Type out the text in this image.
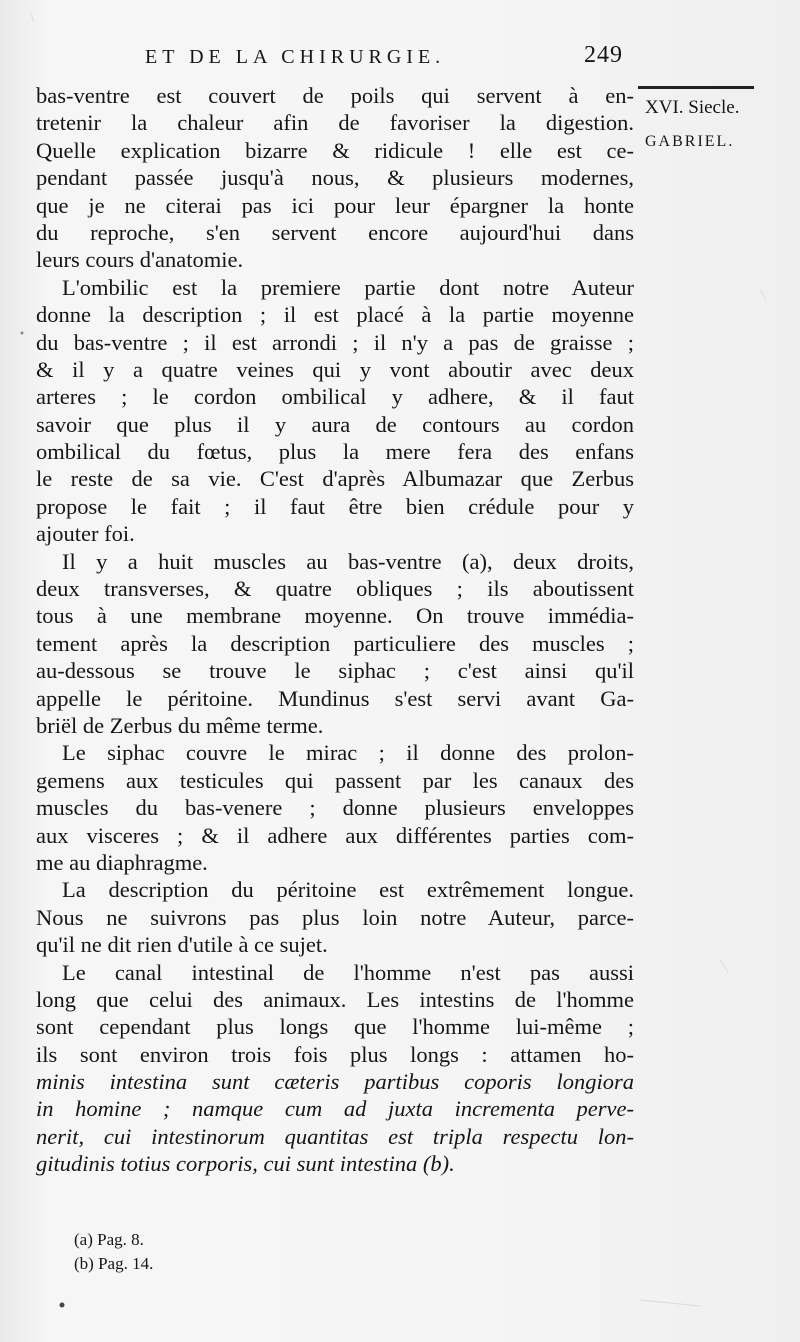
ET DE LA CHIRURGIE.	249
XVI. Siecle.
GABRIEL.
bas-ventre est couvert de poils qui servent à en-
tretenir la chaleur afin de favoriser la digestion.
Quelle explication bizarre & ridicule ! elle est ce-
pendant passée jusqu'à nous, & plusieurs modernes,
que je ne citerai pas ici pour leur épargner la honte
du reproche, s'en servent encore aujourd'hui dans
leurs cours d'anatomie.
L'ombilic est la premiere partie dont notre Auteur
donne la description ; il est placé à la partie moyenne
du bas-ventre ; il est arrondi ; il n'y a pas de graisse ;
& il y a quatre veines qui y vont aboutir avec deux
arteres ; le cordon ombilical y adhere, & il faut
savoir que plus il y aura de contours au cordon
ombilical du fœtus, plus la mere fera des enfans
le reste de sa vie. C'est d'après Albumazar que Zerbus
propose le fait ; il faut être bien crédule pour y
ajouter foi.
Il y a huit muscles au bas-ventre (a), deux droits,
deux transverses, & quatre obliques ; ils aboutissent
tous à une membrane moyenne. On trouve immédia-
tement après la description particuliere des muscles ;
au-dessous se trouve le siphac ; c'est ainsi qu'il
appelle le péritoine. Mundinus s'est servi avant Ga-
briël de Zerbus du même terme.
Le siphac couvre le mirac ; il donne des prolon-
gemens aux testicules qui passent par les canaux des
muscles du bas-venere ; donne plusieurs enveloppes
aux visceres ; & il adhere aux différentes parties com-
me au diaphragme.
La description du péritoine est extrêmement longue.
Nous ne suivrons pas plus loin notre Auteur, parce-
qu'il ne dit rien d'utile à ce sujet.
Le canal intestinal de l'homme n'est pas aussi
long que celui des animaux. Les intestins de l'homme
sont cependant plus longs que l'homme lui-même ;
ils sont environ trois fois plus longs : attamen ho-
minis intestina sunt cæteris partibus coporis longiora
in homine ; namque cum ad juxta incrementa perve-
nerit, cui intestinorum quantitas est tripla respectu lon-
gitudinis totius corporis, cui sunt intestina (b).
(a) Pag. 8.
(b) Pag. 14.
